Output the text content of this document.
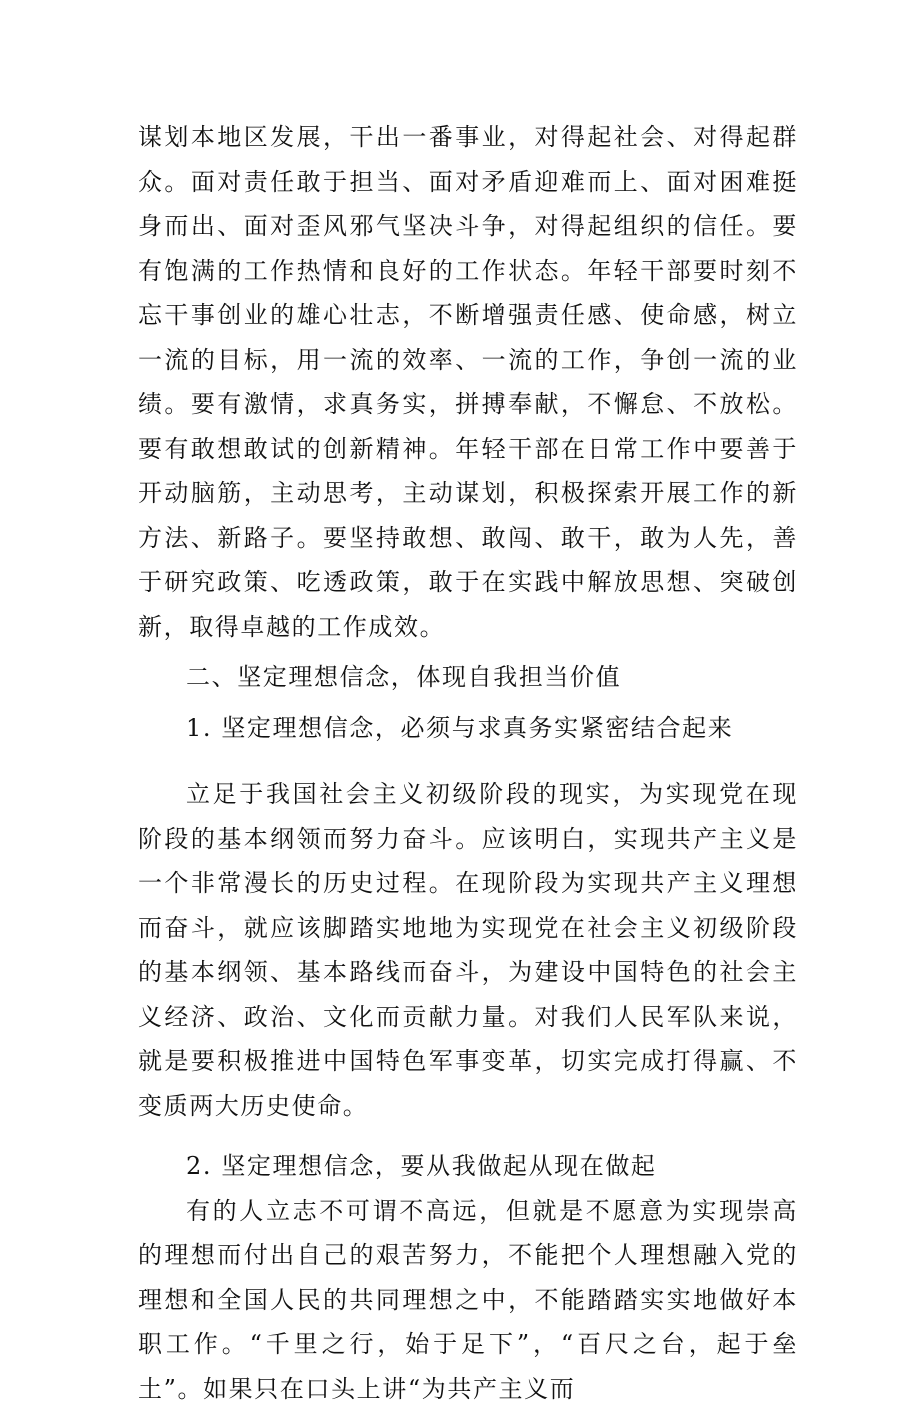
谋划本地区发展，干出一番事业，对得起社会、对得起群众。面对责任敢于担当、面对矛盾迎难而上、面对困难挺身而出、面对歪风邪气坚决斗争，对得起组织的信任。要有饱满的工作热情和良好的工作状态。年轻干部要时刻不忘干事创业的雄心壮志，不断增强责任感、使命感，树立一流的目标，用一流的效率、一流的工作，争创一流的业绩。要有激情，求真务实，拼搏奉献，不懈怠、不放松。要有敢想敢试的创新精神。年轻干部在日常工作中要善于开动脑筋，主动思考，主动谋划，积极探索开展工作的新方法、新路子。要坚持敢想、敢闯、敢干，敢为人先，善于研究政策、吃透政策，敢于在实践中解放思想、突破创新，取得卓越的工作成效。

二、坚定理想信念，体现自我担当价值

1. 坚定理想信念，必须与求真务实紧密结合起来

立足于我国社会主义初级阶段的现实，为实现党在现阶段的基本纲领而努力奋斗。应该明白，实现共产主义是一个非常漫长的历史过程。在现阶段为实现共产主义理想而奋斗，就应该脚踏实地地为实现党在社会主义初级阶段的基本纲领、基本路线而奋斗，为建设中国特色的社会主义经济、政治、文化而贡献力量。对我们人民军队来说，就是要积极推进中国特色军事变革，切实完成打得赢、不变质两大历史使命。

2. 坚定理想信念，要从我做起从现在做起

有的人立志不可谓不高远，但就是不愿意为实现崇高的理想而付出自己的艰苦努力，不能把个人理想融入党的理想和全国人民的共同理想之中，不能踏踏实实地做好本职工作。“千里之行，始于足下”，“百尺之台，起于垒土”。如果只在口头上讲“为共产主义而
